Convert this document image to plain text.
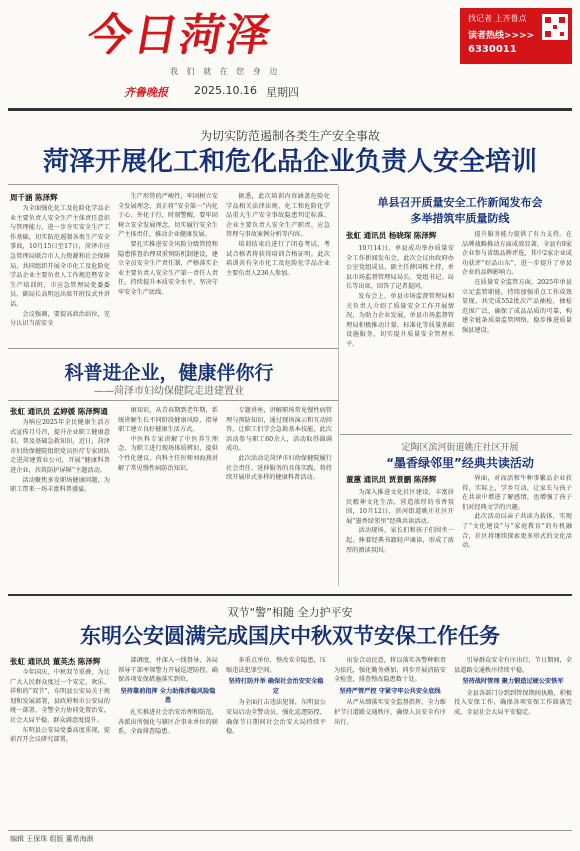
今日菏泽
我 们 就 在 您 身 边
齐鲁晚报 2025.10.16 星期四
找记者 上齐鲁点
读者热线>>>>
6330011
为切实防范遏制各类生产安全事故
菏泽开展化工和危化品企业负责人安全培训
周千涵 陈泽辉

为全面强化化工及危险化学品企业主要负责人安全生产主体责任意识与管理能力，进一步夯实安全生产工作基础，切实防范遏制各类生产安全事故，10月15日至17日，菏泽市应急管理局联合市人力资源和社会保障局、共同组织开展全市化工及危险化学品企业主要负责人工作规范暨安全生产培训班，市应急管理局党委委员、副局长高明远出席开班仪式并讲话。

会议强调，要提高政治站位，充分认识当前安全

生产形势的严峻性，牢固树立安全发展理念，真正将“安全第一”内化于心、外化于行，时刻警醒，要牢固树立安全发展理念，切实履行安全生产主体责任，推动企业健康发展。

要扎实推进安全风险分级管控和隐患排查治理双重预防机制建设，建立全员安全生产责任制，严格落实企业主要负责人安全生产第一责任人责任，持续提升本质安全水平，坚决守牢安全生产底线。

据悉，此次培训内容涵盖危险化学品相关法律法规、化工和危险化学品重大生产安全事故隐患判定标准、企业主要负责人安全生产职责、应急管理与事故案例分析等内容。

培训结束后进行了闭卷考试，考试合格者将获得培训合格证明。此次培训共有全市化工及危险化学品企业主要负责人236人参加。

单县召开质量安全工作新闻发布会
多举措筑牢质量防线
张虹 通讯员 杨晓琛 陈泽辉

10月14日，单县成功举办质量安全工作新闻发布会，此次会议由政府办公室党组成员、副主任薛国栋主持，单县市场监督管理局局长、党组书记、局长等出席，回答了记者提问。

发布会上，单县市场监督管理局相关负责人介绍了质量安全工作开展情况，为助力企业发展，单县市场监督管理局积极推动计量、标准化等质量基础设施服务，切实提升质量安全管理水平。

提升服务能力提供了有力支持。在品牌战略推动方面成效显著，全县有9家企业参与省级品牌评选，其中2家企业成功获评“好品山东”，进一步提升了单县企业的品牌影响力。

在质量安全监管方面，2025年单县立足监管职能，持续加强重点工作成效显现，共完成552批次产品抽检，抽检范围广泛，确保了成品品质的可靠，构建全链条质量监管网络，稳步推进质量强县建设。

科普进企业，健康伴你行
——菏泽市妇幼保健院走进建置业
张虹 通讯员 孟婷媛 陈泽辉通

为响应2025年全民健康生活方式宣传月号召，提升企业职工健康意识，普及基础急救知识，近日，菏泽市妇幼保健院组织党员医疗专家团队走进菏建置业公司，开展“健康科普进企业，共筑防护屏障”主题活动。

活动聚焦多发职场健康问题，为职工带来一场丰富科普盛宴。

康知识，从青春期到老年期，系统讲解生长不同阶段健康风险，指导职工建立良好健康生活方式。

中医科专家讲解了中医养生理念，为职工进行现场体质辨识，提供个性化建议，内科主任医师刘海燕讲解了常见慢性病防治知识。

专题讲座，讲解职场常见慢性病管理与预防知识，通过现场演示和互动问答，让职工们学会急救基本技能，此次活动参与职工60余人，活动取得圆满成功。

此次活动是菏泽市妇幼保健院履行社会责任、延伸服务的具体实践，将持续开展形式多样的健康科普活动。

定陶区滨河街道姚庄社区开展
“墨香绿邻里”经典共读活动
董蕙 通讯员 贾景鹏 陈泽辉

为深入推进文化社区建设，丰富居民精神文化生活，营造浓厚的书香氛围，10月12日，滨河街道姚庄社区开展“墨香绿邻里”经典共读活动。

活动现场，家长们和孩子们围坐一起，捧着经典书籍轻声诵读，形成了浓厚的阅读氛围。

界面，对而活和牛种事繁品企业获得，实际上，学乡互动，让家长与孩子在共读中增进了解感情，也增强了孩子们对经典文学的兴趣。

此次活动以亲子共读为载体，实现了“文化建设”与“家庭教育”的有机融合，社区将继续探索更多形式的文化活动。

双节“警”相随 全力护平安
东明公安圆满完成国庆中秋双节安保工作任务
张虹 通讯员 董英杰 陈泽辉

今年国庆、中秋双节重叠，为让广大人民群众度过一个安定、欢乐、祥和的“双节”，东明县公安局关于规划和发展部署，县政府和市公安局的统一部署，全警全力协同处置治安，社会大局平稳，群众满意度提升。

东明县公安局党委高度重视，提前召开会议研究部署。

部调度，并深入一线督导，各局领导干部率领警力开展巡逻防控，确保各项安保措施落实到位。

坚持靠前指挥 全力助推涉稳风险隐患

扎实推进社会治安治理和防范，各派出所强化与辖区企事业单位的联系，全面排查隐患。

多重点单位，整改安全隐患，压缩违法犯罪空间。

坚持打防并举 确保社会治安安全稳定

为全面打击违法犯罪，东明县公安局启动全警动员，强化巡逻防控，确保节日期间社会治安大局持续平稳。

出发合动民意，将以落实各警种职责为依托，强化勤务叠加，同步开展消防安全检查，排查整改隐患数十处。

坚持严管严控 守紧守牢公共安全底线

从严从细落实安全监督指挥，全力维护节日道路交通秩序，确保人员安全有序出行。

引导群众安全有序出行，节日期间，全县道路交通秩序持续平稳。

坚持战时管理 聚力锻造过硬公安铁军

全县各部门分到到管保期间执勤，积极投入安保工作，确保各项安保工作圆满完成，全县社会大局平安稳定。

编辑 王保珠 组版 董希海渐
